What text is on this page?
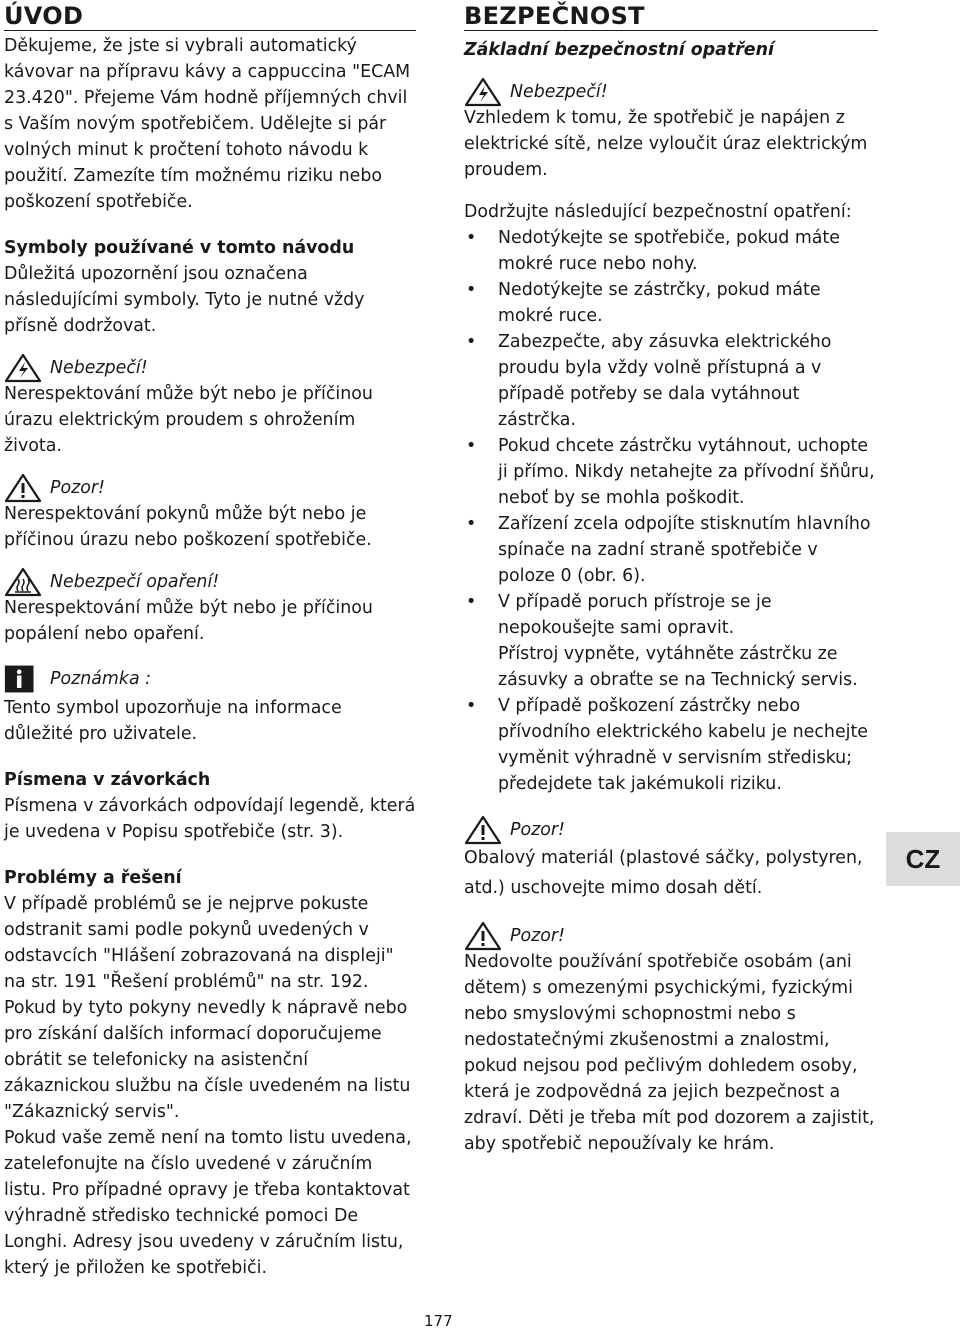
ÚVOD

Děkujeme, že jste si vybrali automatický kávovar na přípravu kávy a cappuccina "ECAM 23.420". Přejeme Vám hodně příjemných chvil s Vaším novým spotřebičem. Udělejte si pár volných minut k pročtení tohoto návodu k použití. Zamezíte tím možnému riziku nebo poškození spotřebiče.

Symboly používané v tomto návodu

Důležitá upozornění jsou označena následujícími symboly. Tyto je nutné vždy přísně dodržovat.

Nebezpečí!

Nerespektování může být nebo je příčinou úrazu elektrickým proudem s ohrožením života.

Pozor!

Nerespektování pokynů může být nebo je příčinou úrazu nebo poškození spotřebiče.

Nebezpečí opaření!

Nerespektování může být nebo je příčinou popálení nebo opaření.

Poznámka :

Tento symbol upozorňuje na informace důležité pro uživatele.

Písmena v závorkách

Písmena v závorkách odpovídají legendě, která je uvedena v Popisu spotřebiče (str. 3).

Problémy a řešení

V případě problémů se je nejprve pokuste odstranit sami podle pokynů uvedených v odstavcích "Hlášení zobrazovaná na displeji" na str. 191 "Řešení problémů" na str. 192.

Pokud by tyto pokyny nevedly k nápravě nebo pro získání dalších informací doporučujeme obrátit se telefonicky na asistenční zákaznickou službu na čísle uvedeném na listu "Zákaznický servis".

Pokud vaše země není na tomto listu uvedena, zatelefonujte na číslo uvedené v záručním listu. Pro případné opravy je třeba kontaktovat výhradně středisko technické pomoci De Longhi. Adresy jsou uvedeny v záručním listu, který je přiložen ke spotřebiči.

BEZPEČNOST

Základní bezpečnostní opatření

Nebezpečí!

Vzhledem k tomu, že spotřebič je napájen z elektrické sítě, nelze vyloučit úraz elektrickým proudem.

Dodržujte následující bezpečnostní opatření:

• Nedotýkejte se spotřebiče, pokud máte mokré ruce nebo nohy.
• Nedotýkejte se zástrčky, pokud máte mokré ruce.
• Zabezpečte, aby zásuvka elektrického proudu byla vždy volně přístupná a v případě potřeby se dala vytáhnout zástrčka.
• Pokud chcete zástrčku vytáhnout, uchopte ji přímo. Nikdy netahejte za přívodní šňůru, neboť by se mohla poškodit.
• Zařízení zcela odpojíte stisknutím hlavního spínače na zadní straně spotřebiče v poloze 0 (obr. 6).
• V případě poruch přístroje se je nepokoušejte sami opravit.
Přístroj vypněte, vytáhněte zástrčku ze zásuvky a obraťte se na Technický servis.
• V případě poškození zástrčky nebo přívodního elektrického kabelu je nechejte vyměnit výhradně v servisním středisku; předejdete tak jakémukoli riziku.
Pozor!

Obalový materiál (plastové sáčky, polystyren, atd.) uschovejte mimo dosah dětí.

Pozor!

Nedovolte používání spotřebiče osobám (ani dětem) s omezenými psychickými, fyzickými nebo smyslovými schopnostmi nebo s nedostatečnými zkušenostmi a znalostmi, pokud nejsou pod pečlivým dohledem osoby, která je zodpovědná za jejich bezpečnost a zdraví. Děti je třeba mít pod dozorem a zajistit, aby spotřebič nepoužívaly ke hrám.

CZ
177
